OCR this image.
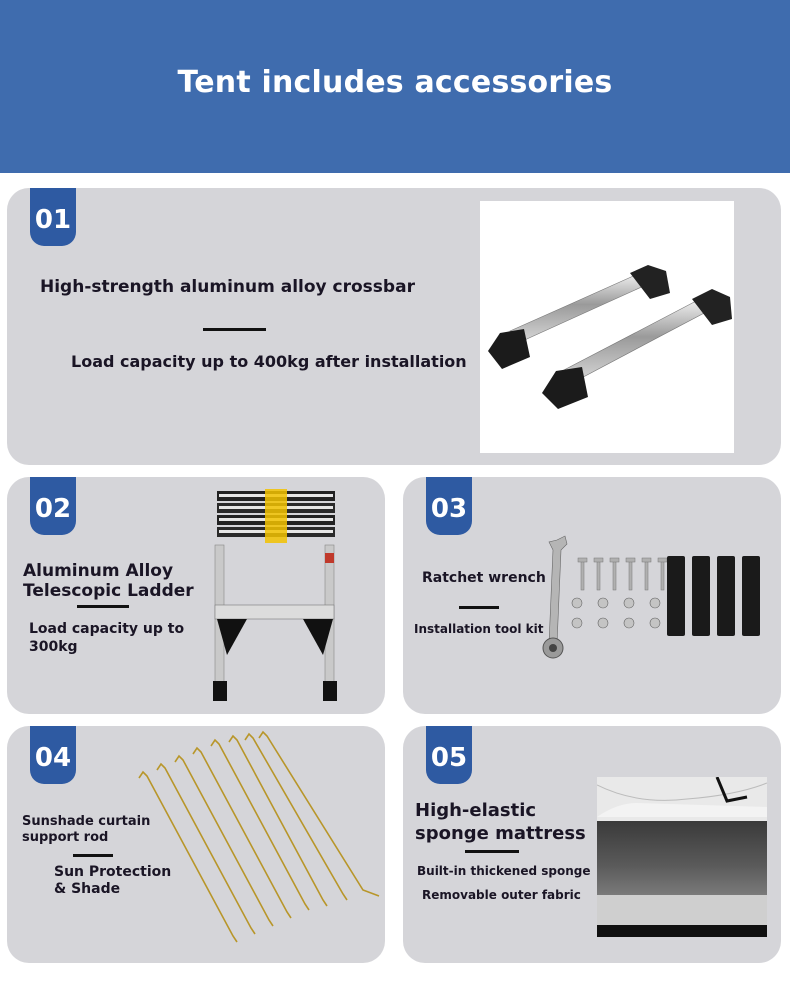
Tent includes accessories
01
High-strength aluminum alloy crossbar
Load capacity up to 400kg after installation
02
Aluminum Alloy
Telescopic Ladder
Load capacity up to
300kg
03
Ratchet wrench
Installation tool kit
04
Sunshade curtain
support rod
Sun Protection
& Shade
05
High-elastic
sponge mattress
Built-in thickened sponge
Removable outer fabric
